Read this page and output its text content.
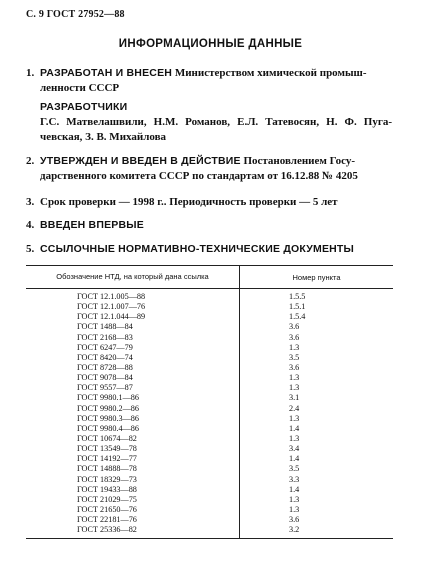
С. 9 ГОСТ 27952—88
ИНФОРМАЦИОННЫЕ ДАННЫЕ
1. РАЗРАБОТАН И ВНЕСЕН Министерством химической промыш-
ленности СССР
РАЗРАБОТЧИКИ
Г.С. Матвелашвили, Н.М. Романов, Е.Л. Татевосян, Н. Ф. Пуга-чевская, З. В. Михайлова
2. УТВЕРЖДЕН И ВВЕДЕН В ДЕЙСТВИЕ Постановлением Госу-
дарственного комитета СССР по стандартам от 16.12.88 № 4205
3. Срок проверки — 1998 г.. Периодичность проверки — 5 лет
4. ВВЕДЕН ВПЕРВЫЕ
5. ССЫЛОЧНЫЕ НОРМАТИВНО-ТЕХНИЧЕСКИЕ ДОКУМЕНТЫ
Обозначение НТД, на который дана ссылка	Номер пункта
ГОСТ 12.1.005—88
ГОСТ 12.1.007—76
ГОСТ 12.1.044—89
ГОСТ 1488—84
ГОСТ 2168—83
ГОСТ 6247—79
ГОСТ 8420—74
ГОСТ 8728—88
ГОСТ 9078—84
ГОСТ 9557—87
ГОСТ 9980.1—86
ГОСТ 9980.2—86
ГОСТ 9980.3—86
ГОСТ 9980.4—86
ГОСТ 10674—82
ГОСТ 13549—78
ГОСТ 14192—77
ГОСТ 14888—78
ГОСТ 18329—73
ГОСТ 19433—88
ГОСТ 21029—75
ГОСТ 21650—76
ГОСТ 22181—76
ГОСТ 25336—82
1.5.5
1.5.1
1.5.4
3.6
3.6
1.3
3.5
3.6
1.3
1.3
3.1
2.4
1.3
1.4
1.3
3.4
1.4
3.5
3.3
1.4
1.3
1.3
3.6
3.2
